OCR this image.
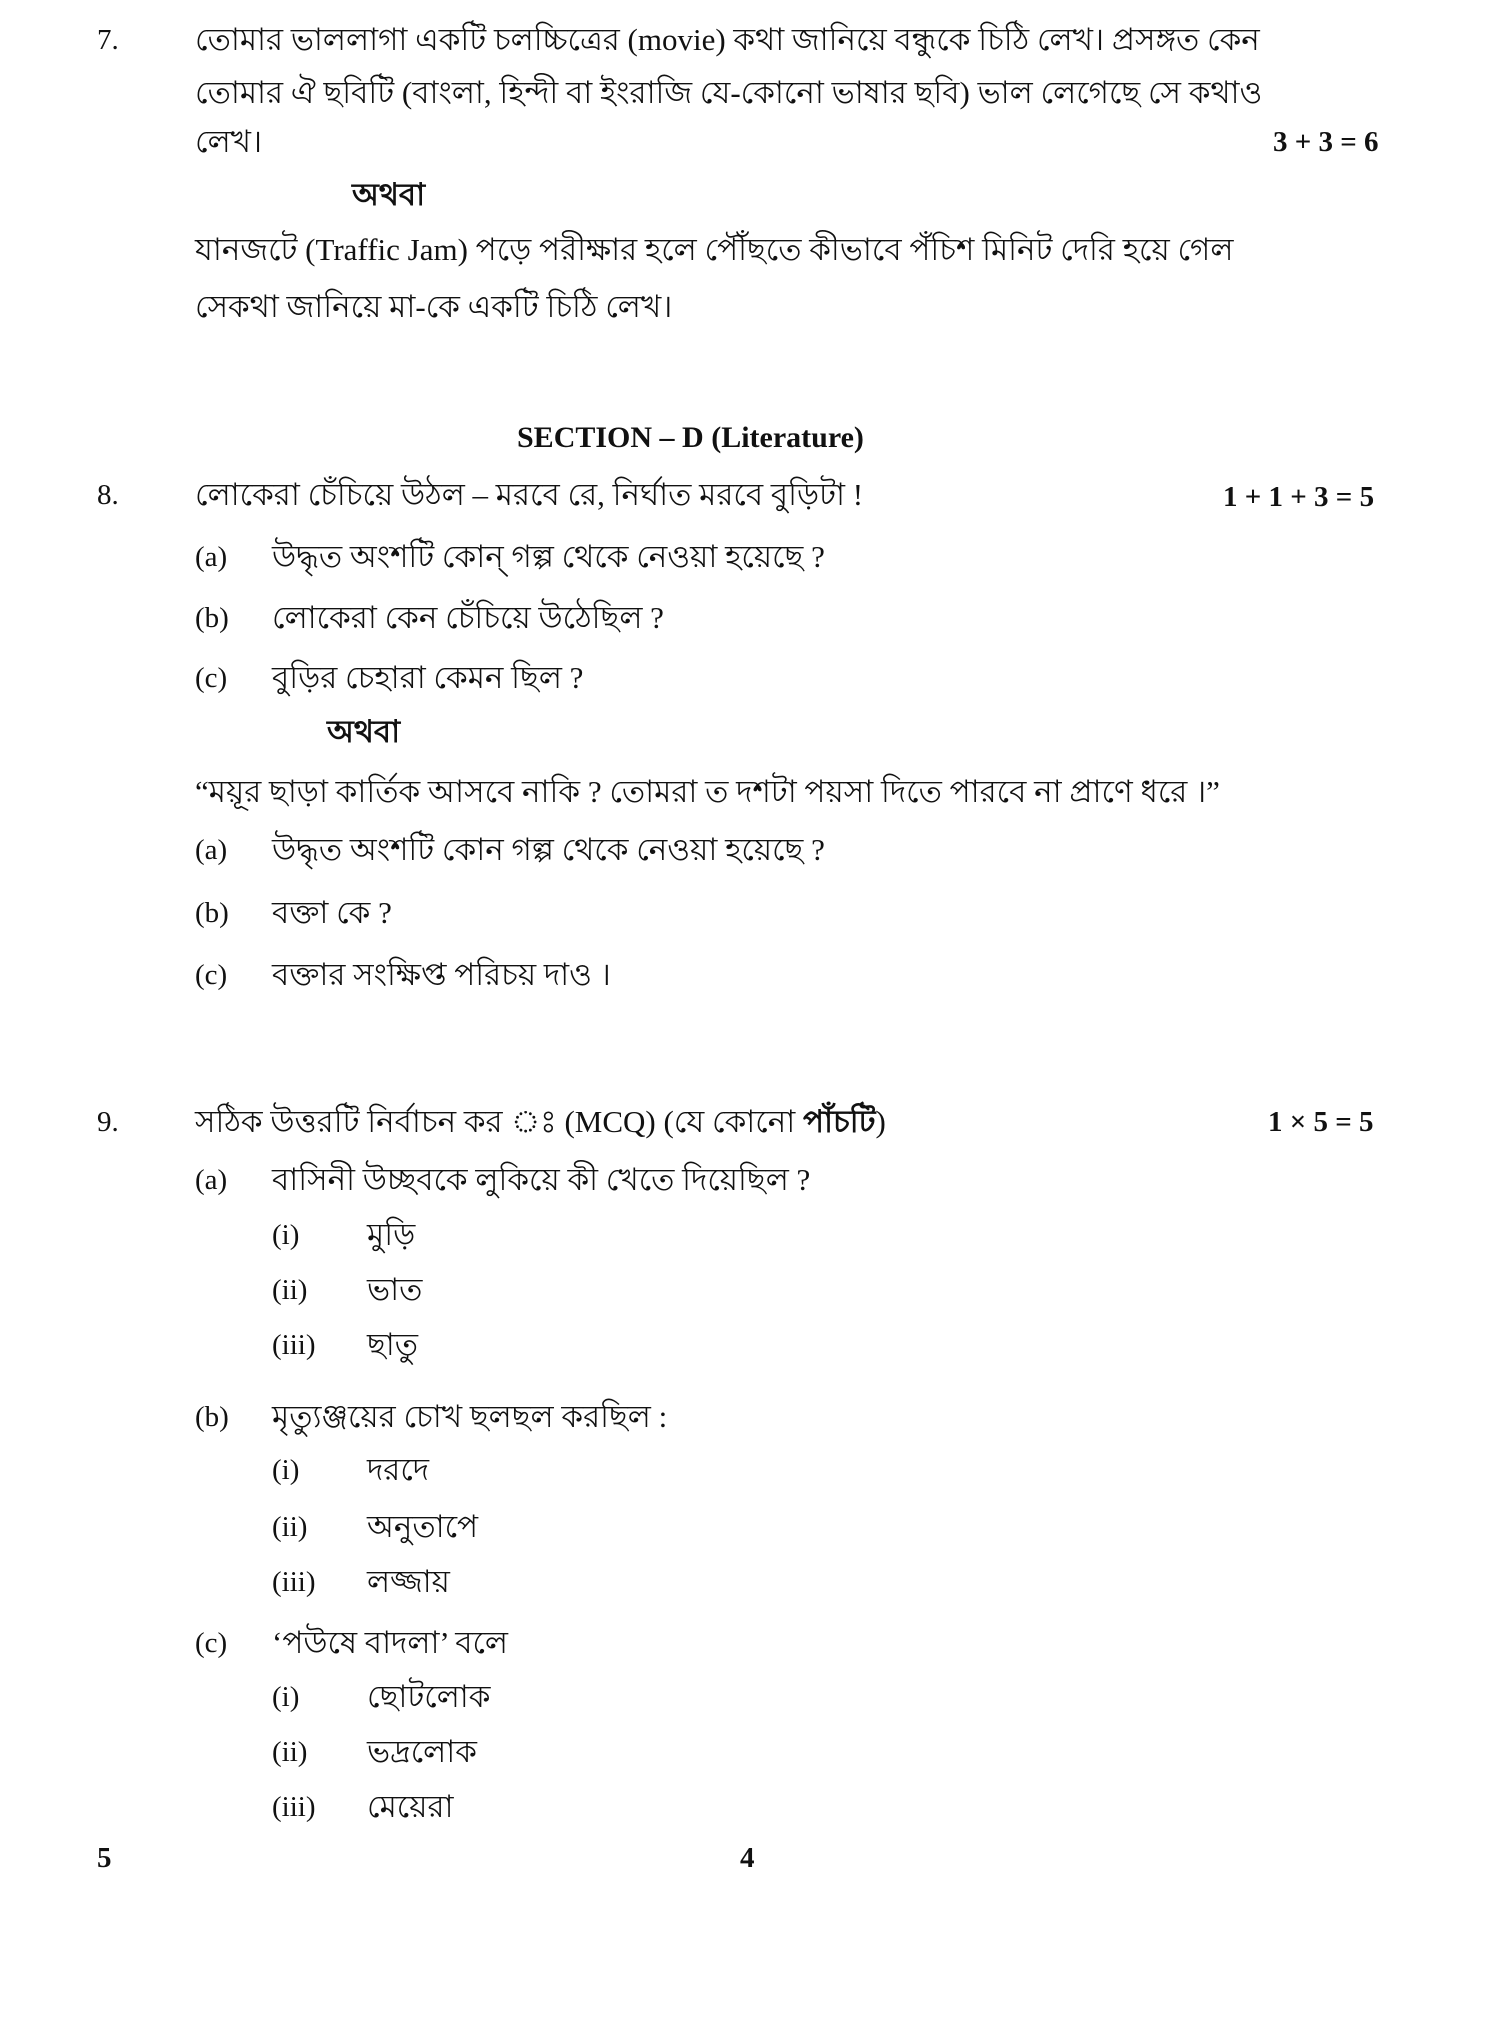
7. তোমার ভাললাগা একটি চলচ্চিত্রের (movie) কথা জানিয়ে বন্ধুকে চিঠি লেখ। প্রসঙ্গত কেন
তোমার ঐ ছবিটি (বাংলা, হিন্দী বা ইংরাজি যে-কোনো ভাষার ছবি) ভাল লেগেছে সে কথাও
লেখ।	3 + 3 = 6
অথবা
যানজটে (Traffic Jam) পড়ে পরীক্ষার হলে পৌঁছতে কীভাবে পঁচিশ মিনিট দেরি হয়ে গেল
সেকথা জানিয়ে মা-কে একটি চিঠি লেখ।
SECTION – D (Literature)
8. লোকেরা চেঁচিয়ে উঠল – মরবে রে, নির্ঘাত মরবে বুড়িটা !	1 + 1 + 3 = 5
(a) উদ্ধৃত অংশটি কোন্ গল্প থেকে নেওয়া হয়েছে ?
(b) লোকেরা কেন চেঁচিয়ে উঠেছিল ?
(c) বুড়ির চেহারা কেমন ছিল ?
অথবা
“ময়ূর ছাড়া কার্তিক আসবে নাকি ? তোমরা ত দশটা পয়সা দিতে পারবে না প্রাণে ধরে ।”
(a) উদ্ধৃত অংশটি কোন গল্প থেকে নেওয়া হয়েছে ?
(b) বক্তা কে ?
(c) বক্তার সংক্ষিপ্ত পরিচয় দাও ।
9. সঠিক উত্তরটি নির্বাচন কর ঃ (MCQ) (যে কোনো পাঁচটি)	1 × 5 = 5
(a) বাসিনী উচ্ছবকে লুকিয়ে কী খেতে দিয়েছিল ?
(i) মুড়ি
(ii) ভাত
(iii) ছাতু
(b) মৃত্যুঞ্জয়ের চোখ ছলছল করছিল :
(i) দরদে
(ii) অনুতাপে
(iii) লজ্জায়
(c) ‘পউষে বাদলা’ বলে
(i) ছোটলোক
(ii) ভদ্রলোক
(iii) মেয়েরা
5	4
